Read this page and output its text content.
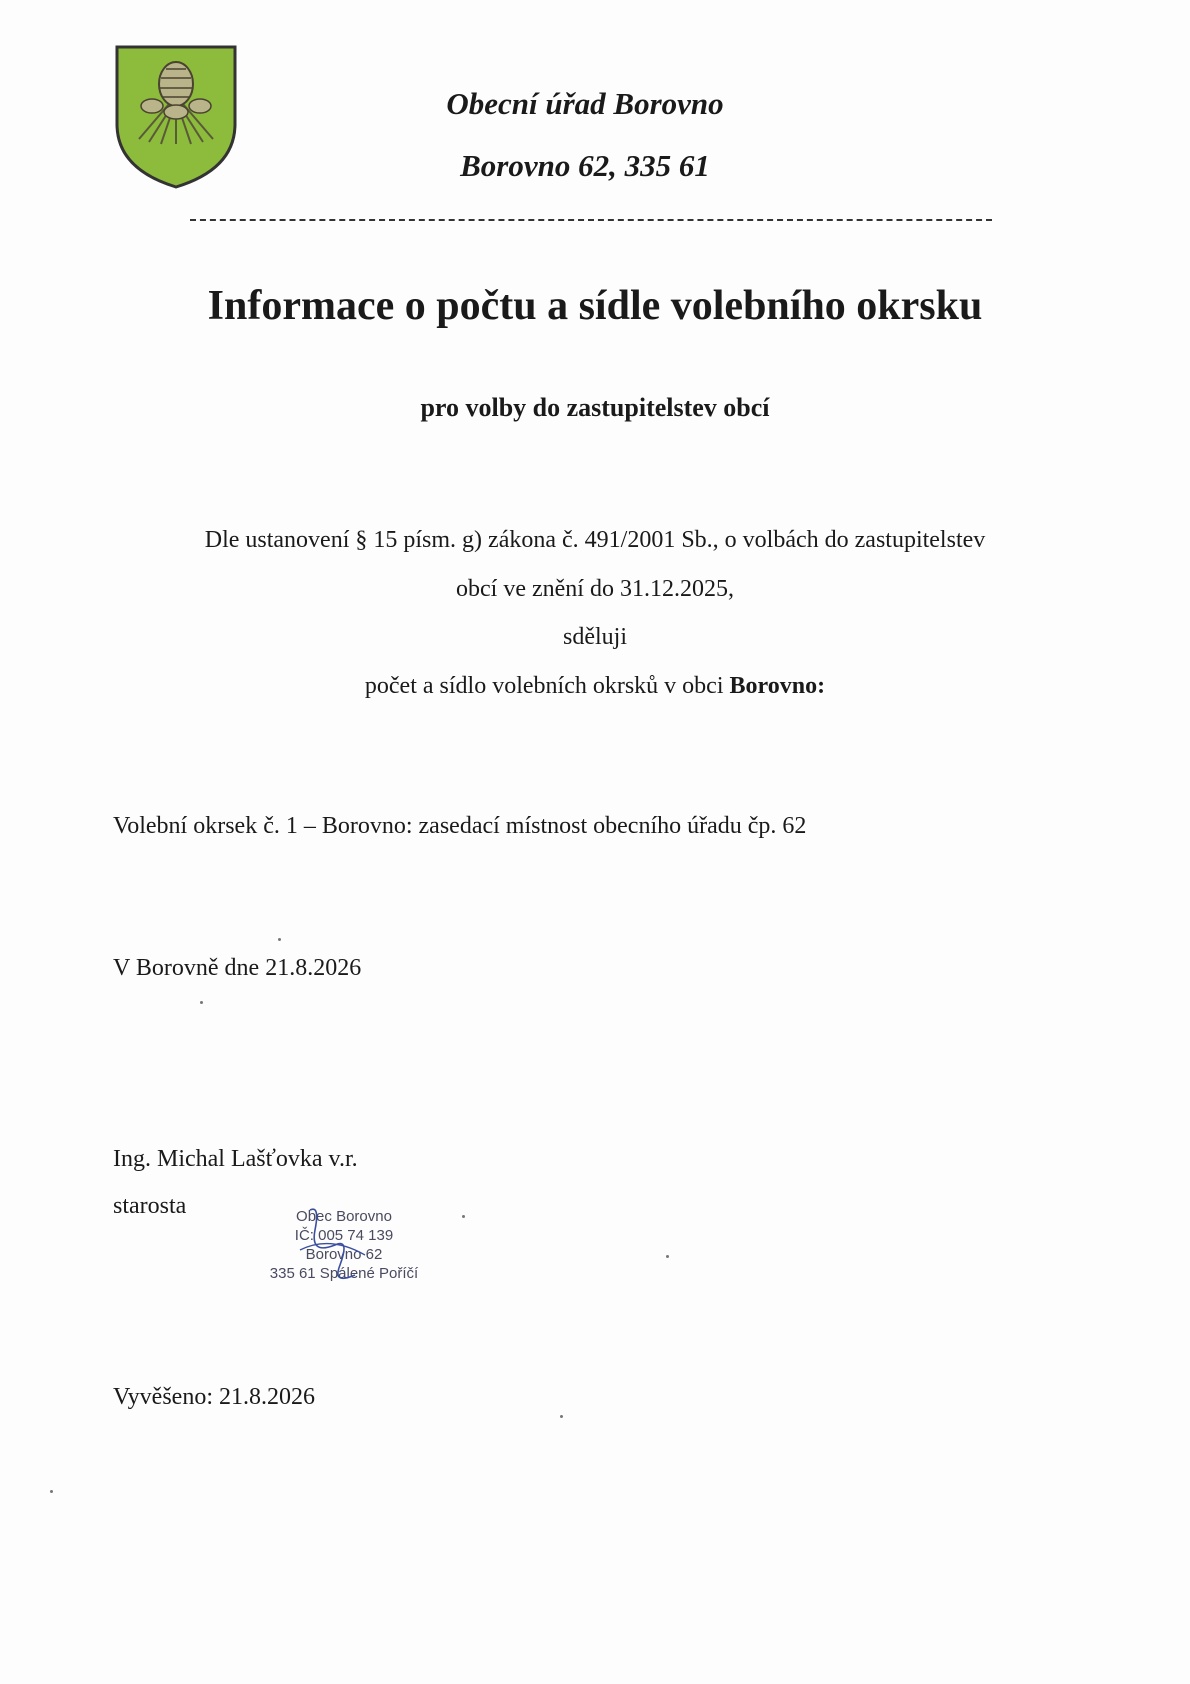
Obecní úřad Borovno
Borovno 62, 335 61
Informace o počtu a sídle volebního okrsku
pro volby do zastupitelstev obcí
Dle ustanovení § 15 písm. g) zákona č. 491/2001 Sb., o volbách do zastupitelstev
obcí ve znění do 31.12.2025,
sděluji
počet a sídlo volebních okrsků v obci Borovno:
Volební okrsek č. 1 – Borovno: zasedací místnost obecního úřadu čp. 62
V Borovně dne 21.8.2026
Ing. Michal Lašťovka v.r.
starosta	Obec Borovno
IČ: 005 74 139
Borovno 62
335 61 Spálené Poříčí
Vyvěšeno: 21.8.2026
